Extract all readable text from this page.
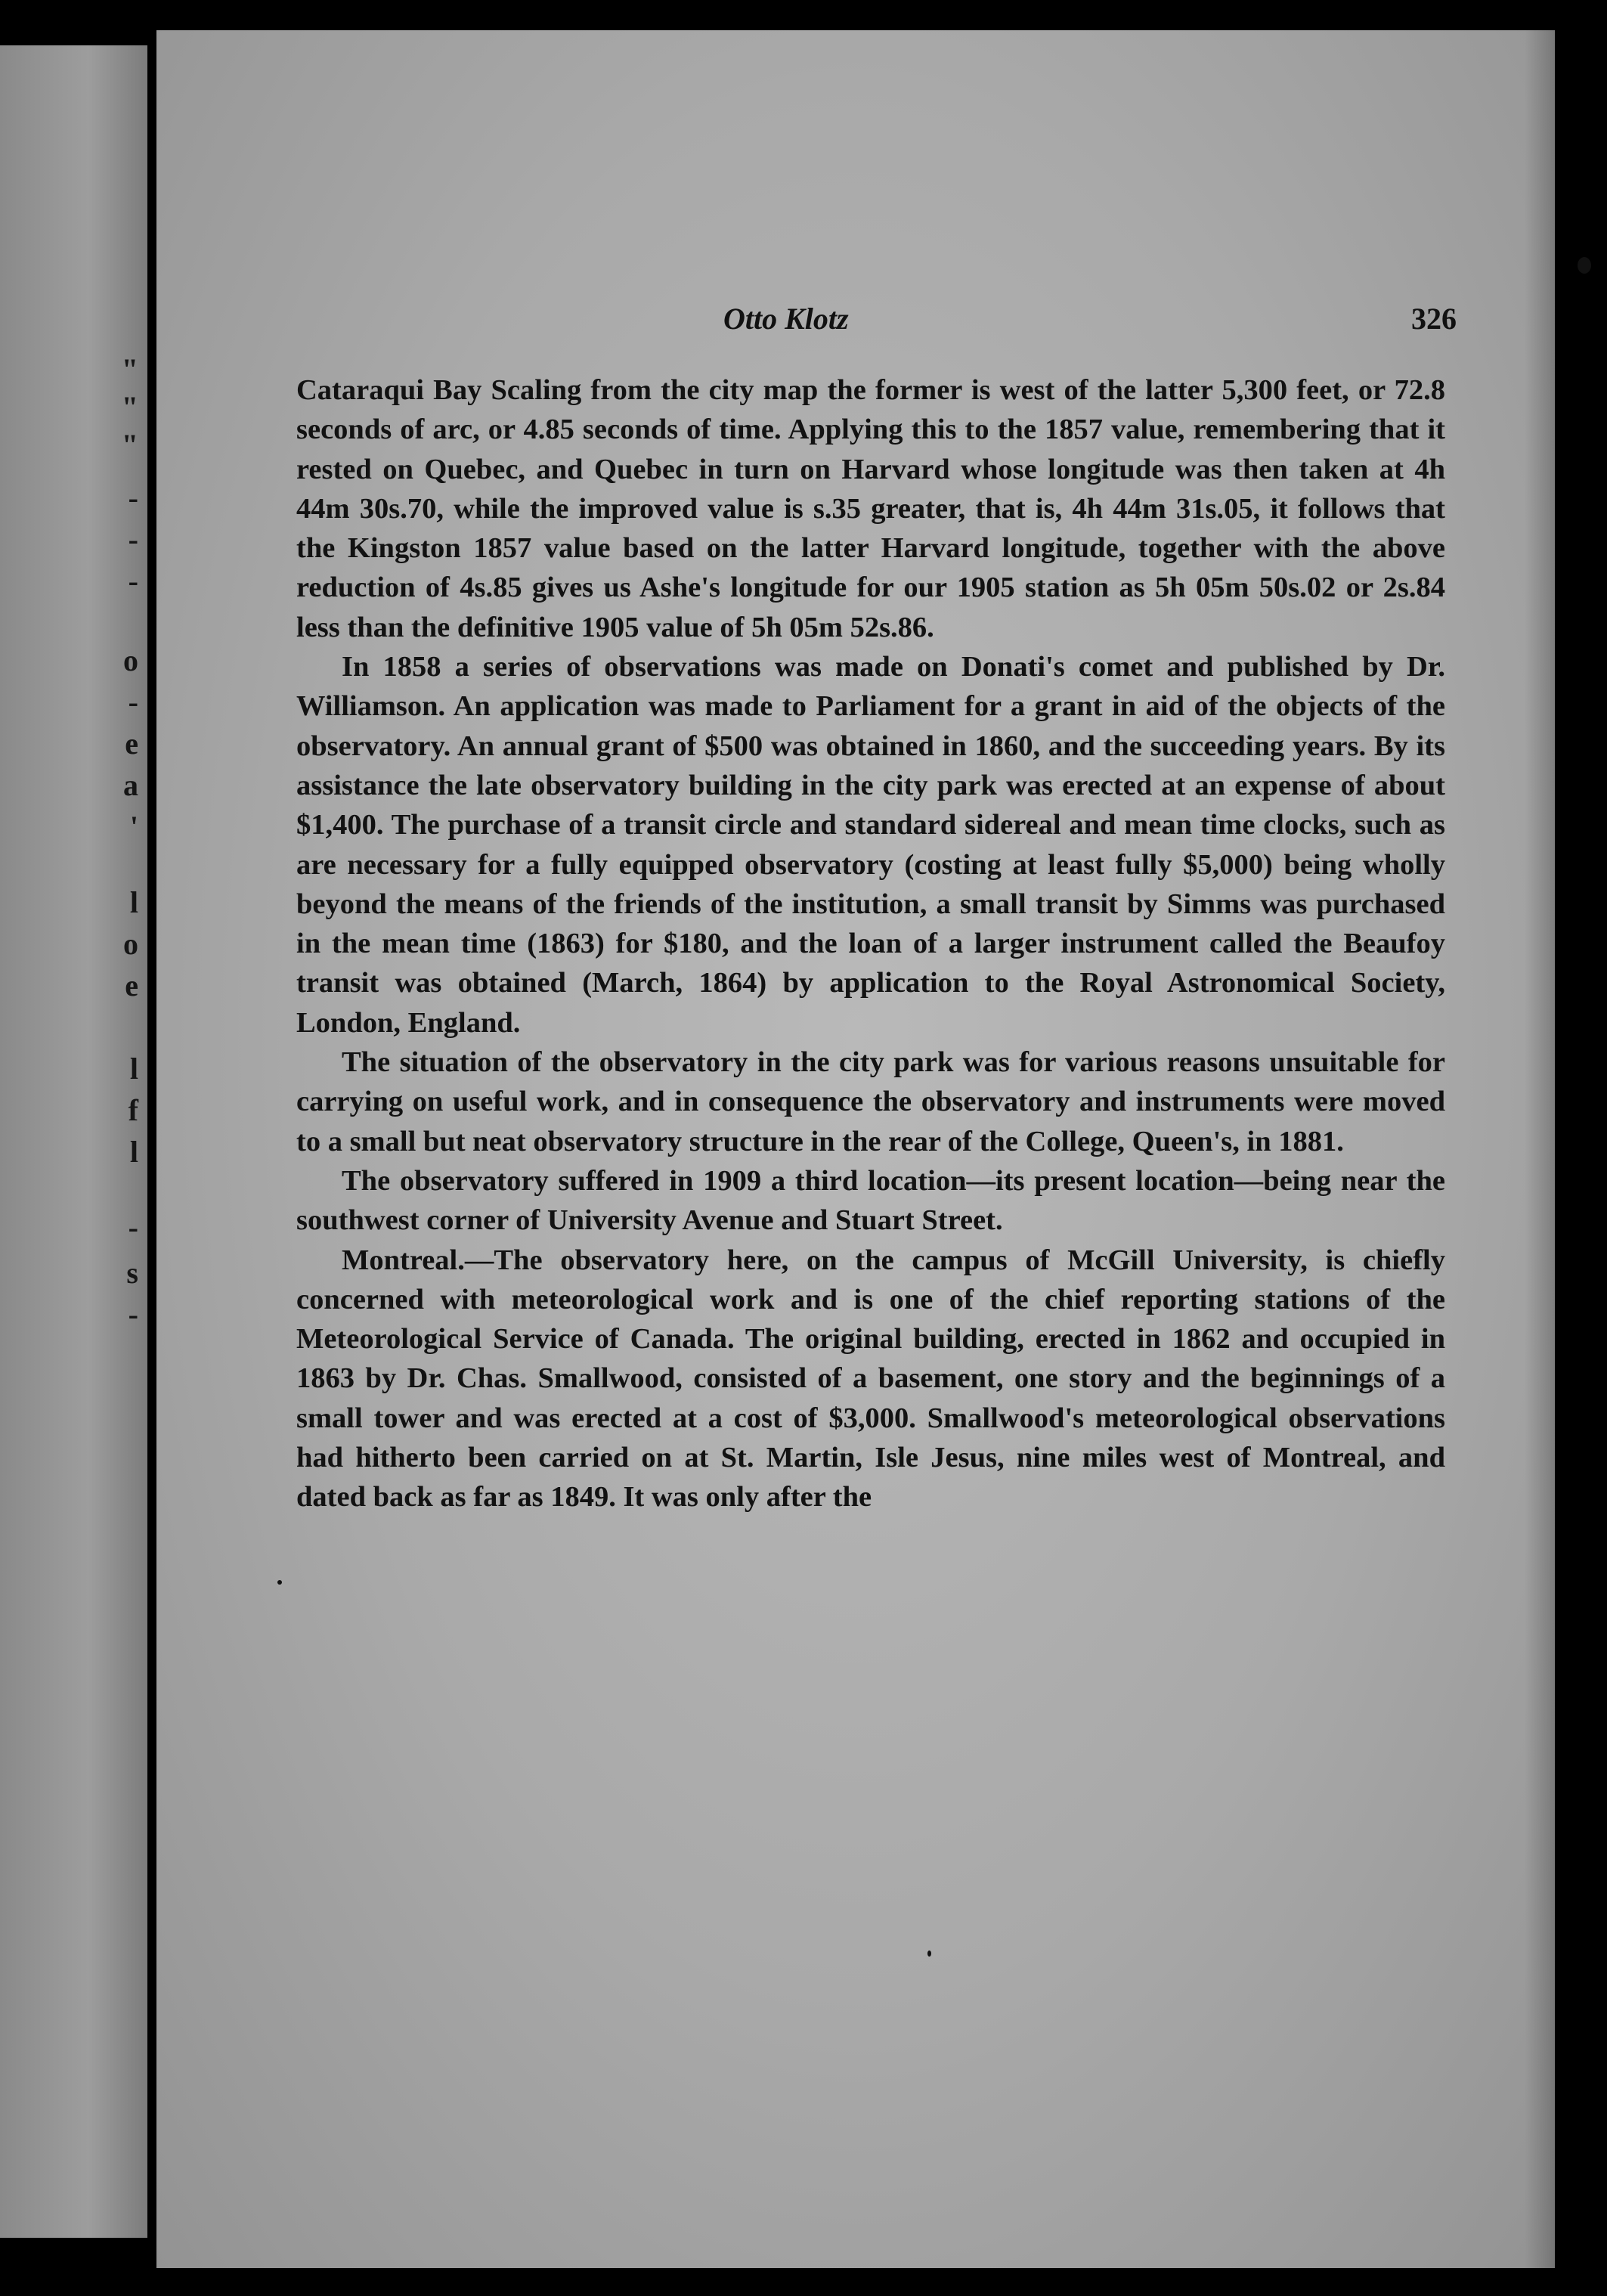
"
"
"
-
-
-
o
-
e
a
'
l
o
e
l
f
l
-
s
-
Otto Klotz	326

Cataraqui Bay Scaling from the city map the former is west of the latter 5,300 feet, or 72.8 seconds of arc, or 4.85 seconds of time. Applying this to the 1857 value, remembering that it rested on Quebec, and Quebec in turn on Harvard whose longitude was then taken at 4h 44m 30s.70, while the improved value is s.35 greater, that is, 4h 44m 31s.05, it follows that the Kingston 1857 value based on the latter Harvard longitude, together with the above reduction of 4s.85 gives us Ashe's longitude for our 1905 station as 5h 05m 50s.02 or 2s.84 less than the definitive 1905 value of 5h 05m 52s.86.

In 1858 a series of observations was made on Donati's comet and published by Dr. Williamson. An application was made to Parliament for a grant in aid of the objects of the observatory. An annual grant of $500 was obtained in 1860, and the succeeding years. By its assistance the late observatory building in the city park was erected at an expense of about $1,400. The purchase of a transit circle and standard sidereal and mean time clocks, such as are necessary for a fully equipped observatory (costing at least fully $5,000) being wholly beyond the means of the friends of the institution, a small transit by Simms was purchased in the mean time (1863) for $180, and the loan of a larger instrument called the Beaufoy transit was obtained (March, 1864) by application to the Royal Astronomical Society, London, England.

The situation of the observatory in the city park was for various reasons unsuitable for carrying on useful work, and in consequence the observatory and instruments were moved to a small but neat observatory structure in the rear of the College, Queen's, in 1881.

The observatory suffered in 1909 a third location—its present location—being near the southwest corner of University Avenue and Stuart Street.

Montreal.—The observatory here, on the campus of McGill University, is chiefly concerned with meteorological work and is one of the chief reporting stations of the Meteorological Service of Canada. The original building, erected in 1862 and occupied in 1863 by Dr. Chas. Smallwood, consisted of a basement, one story and the beginnings of a small tower and was erected at a cost of $3,000. Smallwood's meteorological observations had hitherto been carried on at St. Martin, Isle Jesus, nine miles west of Montreal, and dated back as far as 1849. It was only after the
